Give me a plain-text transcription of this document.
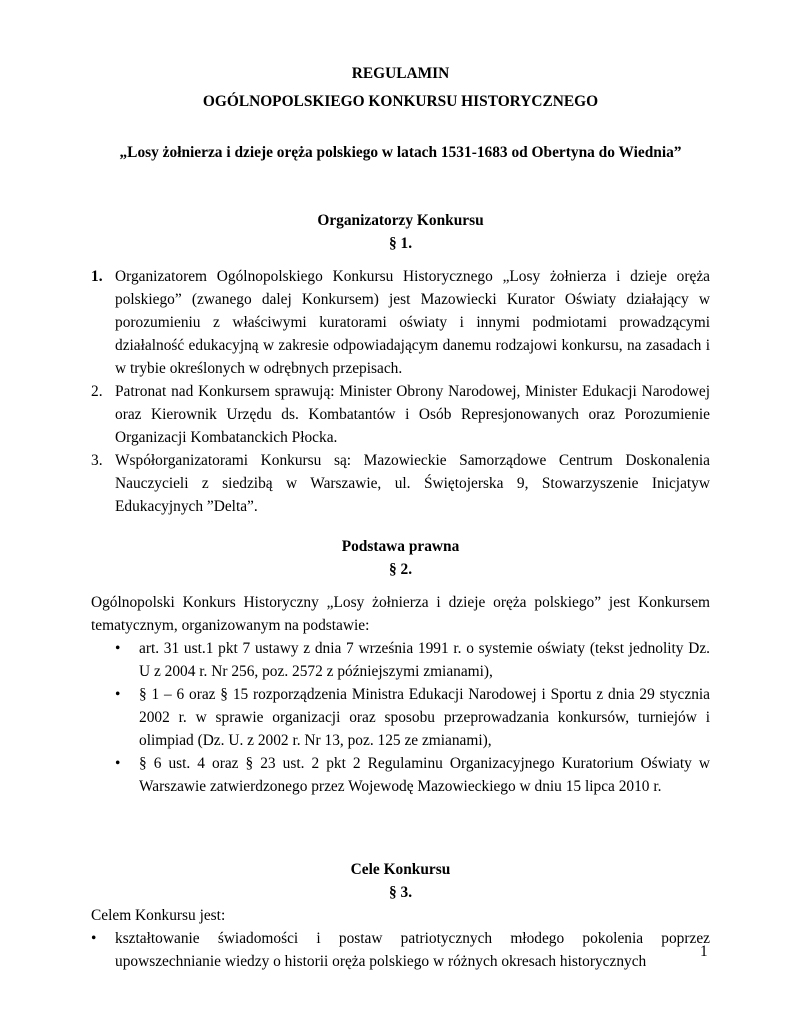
REGULAMIN
OGÓLNOPOLSKIEGO KONKURSU HISTORYCZNEGO
„Losy żołnierza i dzieje oręża polskiego w latach 1531-1683 od Obertyna do Wiednia”
Organizatorzy Konkursu
§ 1.
1. Organizatorem Ogólnopolskiego Konkursu Historycznego „Losy żołnierza i dzieje oręża polskiego” (zwanego dalej Konkursem) jest Mazowiecki Kurator Oświaty działający w porozumieniu z właściwymi kuratorami oświaty i innymi podmiotami prowadzącymi działalność edukacyjną w zakresie odpowiadającym danemu rodzajowi konkursu, na zasadach i w trybie określonych w odrębnych przepisach.
2. Patronat nad Konkursem sprawują: Minister Obrony Narodowej, Minister Edukacji Narodowej oraz Kierownik Urzędu ds. Kombatantów i Osób Represjonowanych oraz Porozumienie Organizacji Kombatanckich Płocka.
3. Współorganizatorami Konkursu są: Mazowieckie Samorządowe Centrum Doskonalenia Nauczycieli z siedzibą w Warszawie, ul. Świętojerska 9, Stowarzyszenie Inicjatyw Edukacyjnych ”Delta”.
Podstawa prawna
§ 2.
Ogólnopolski Konkurs Historyczny „Losy żołnierza i dzieje oręża polskiego” jest Konkursem tematycznym, organizowanym na podstawie:
• art. 31 ust.1 pkt 7 ustawy z dnia 7 września 1991 r. o systemie oświaty (tekst jednolity Dz. U z 2004 r. Nr 256, poz. 2572 z późniejszymi zmianami),
• § 1 – 6 oraz § 15 rozporządzenia Ministra Edukacji Narodowej i Sportu z dnia 29 stycznia 2002 r. w sprawie organizacji oraz sposobu przeprowadzania konkursów, turniejów i olimpiad (Dz. U. z 2002 r. Nr 13, poz. 125 ze zmianami),
• § 6 ust. 4 oraz § 23 ust. 2 pkt 2 Regulaminu Organizacyjnego Kuratorium Oświaty w Warszawie zatwierdzonego przez Wojewodę Mazowieckiego w dniu 15 lipca 2010 r.
Cele Konkursu
§ 3.
Celem Konkursu jest:
• kształtowanie świadomości i postaw patriotycznych młodego pokolenia poprzez upowszechnianie wiedzy o historii oręża polskiego w różnych okresach historycznych
1
